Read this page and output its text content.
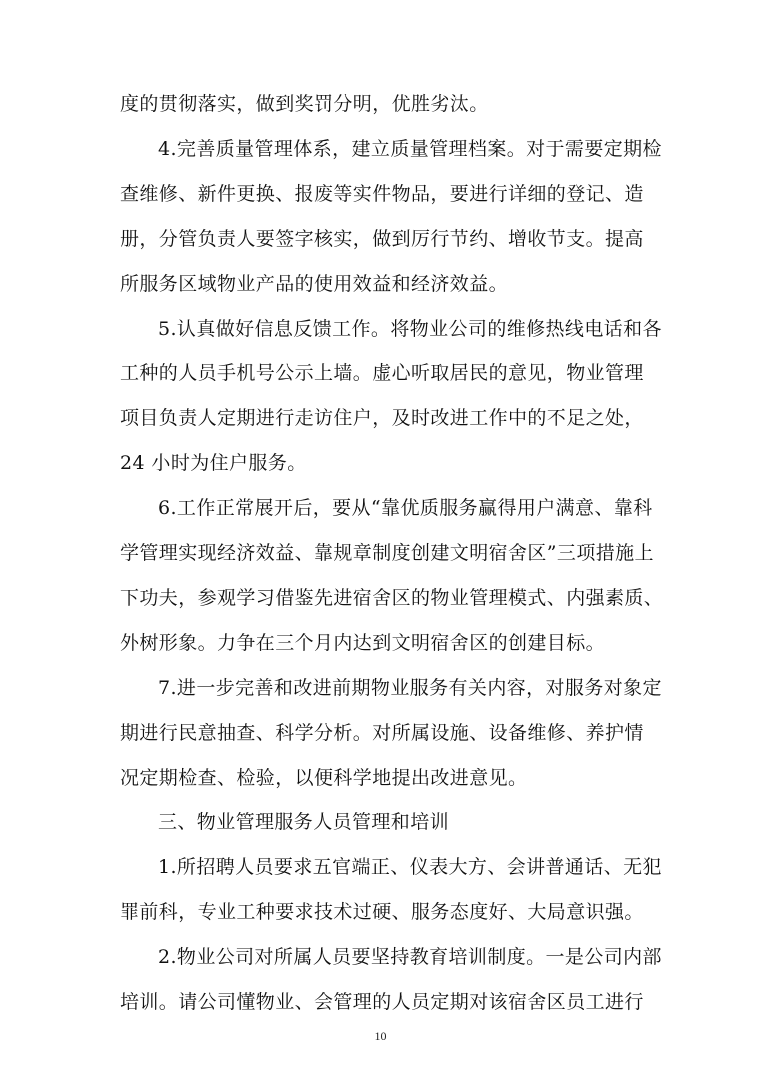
度的贯彻落实，做到奖罚分明，优胜劣汰。
4.完善质量管理体系，建立质量管理档案。对于需要定期检
查维修、新件更换、报废等实件物品，要进行详细的登记、造
册，分管负责人要签字核实，做到厉行节约、增收节支。提高
所服务区域物业产品的使用效益和经济效益。
5.认真做好信息反馈工作。将物业公司的维修热线电话和各
工种的人员手机号公示上墙。虚心听取居民的意见，物业管理
项目负责人定期进行走访住户，及时改进工作中的不足之处，
24 小时为住户服务。
6.工作正常展开后，要从“靠优质服务赢得用户满意、靠科
学管理实现经济效益、靠规章制度创建文明宿舍区”三项措施上
下功夫，参观学习借鉴先进宿舍区的物业管理模式、内强素质、
外树形象。力争在三个月内达到文明宿舍区的创建目标。
7.进一步完善和改进前期物业服务有关内容，对服务对象定
期进行民意抽查、科学分析。对所属设施、设备维修、养护情
况定期检查、检验，以便科学地提出改进意见。
三、物业管理服务人员管理和培训
1.所招聘人员要求五官端正、仪表大方、会讲普通话、无犯
罪前科，专业工种要求技术过硬、服务态度好、大局意识强。
2.物业公司对所属人员要坚持教育培训制度。一是公司内部
培训。请公司懂物业、会管理的人员定期对该宿舍区员工进行
10
